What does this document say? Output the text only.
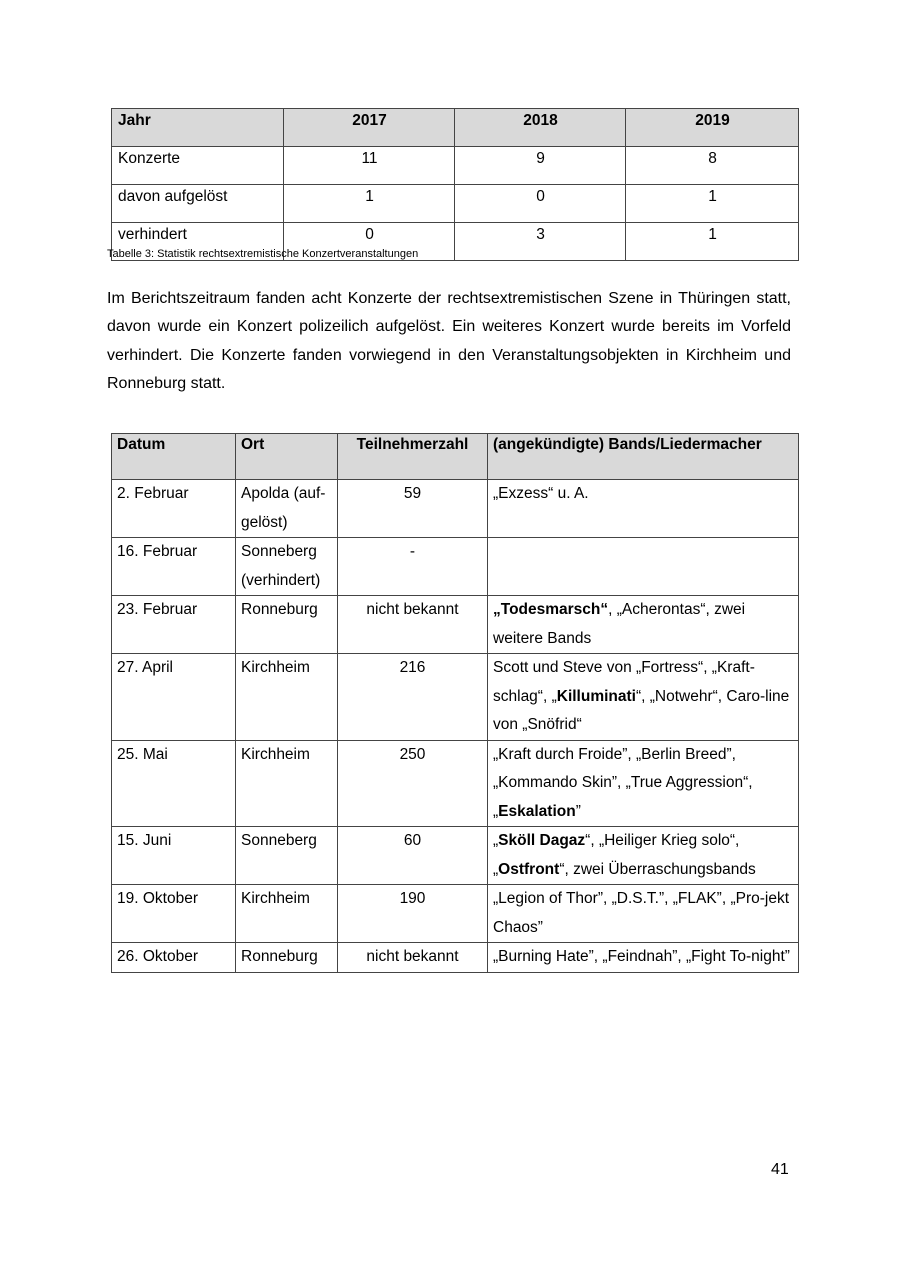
Jahr	2017	2018	2019
Konzerte	11	9	8
davon aufgelöst	1	0	1
verhindert	0	3	1
Tabelle 3: Statistik rechtsextremistische Konzertveranstaltungen

Im Berichtszeitraum fanden acht Konzerte der rechtsextremistischen Szene in Thüringen statt, davon wurde ein Konzert polizeilich aufgelöst. Ein weiteres Konzert wurde bereits im Vorfeld verhindert. Die Konzerte fanden vorwiegend in den Veranstaltungsobjekten in Kirchheim und Ronneburg statt.

Datum	Ort	Teilnehmerzahl	(angekündigte) Bands/Liedermacher
2. Februar	Apolda (auf-gelöst)	59	„Exzess“ u. A.
16. Februar	Sonneberg (verhindert)	-	
23. Februar	Ronneburg	nicht bekannt	„Todesmarsch“, „Acherontas“, zwei weitere Bands
27. April	Kirchheim	216	Scott und Steve von „Fortress“, „Kraft-schlag“, „Killuminati“, „Notwehr“, Caro-line von „Snöfrid“
25. Mai	Kirchheim	250	„Kraft durch Froide”, „Berlin Breed”, „Kommando Skin”, „True Aggression“, „Eskalation”
15. Juni	Sonneberg	60	„Sköll Dagaz“, „Heiliger Krieg solo“, „Ostfront“, zwei Überraschungsbands
19. Oktober	Kirchheim	190	„Legion of Thor”, „D.S.T.”, „FLAK”, „Pro-jekt Chaos”
26. Oktober	Ronneburg	nicht bekannt	„Burning Hate”, „Feindnah”, „Fight To-night”
41
